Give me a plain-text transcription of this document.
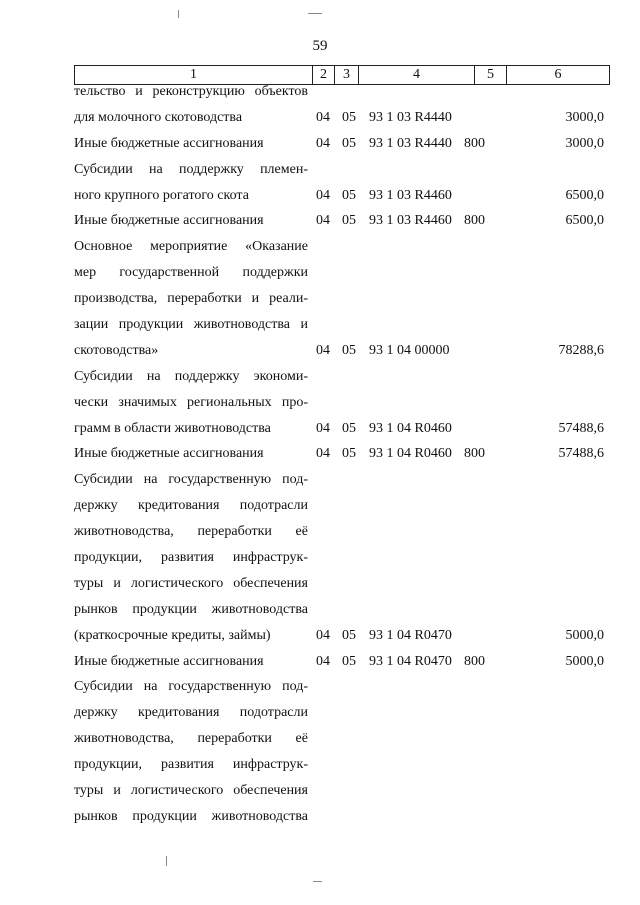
59
1	2	3	4	5	6
тельство и реконструкцию объектов
для молочного скотоводства	04 05 93 1 03 R4440	3000,0
Иные бюджетные ассигнования	04 05 93 1 03 R4440 800	3000,0
Субсидии на поддержку племен-
ного крупного рогатого скота	04 05 93 1 03 R4460	6500,0
Иные бюджетные ассигнования	04 05 93 1 03 R4460 800	6500,0
Основное мероприятие «Оказание
мер государственной поддержки
производства, переработки и реали-
зации продукции животноводства и
скотоводства»	04 05 93 1 04 00000	78288,6
Субсидии на поддержку экономи-
чески значимых региональных про-
грамм в области животноводства	04 05 93 1 04 R0460	57488,6
Иные бюджетные ассигнования	04 05 93 1 04 R0460 800	57488,6
Субсидии на государственную под-
держку кредитования подотрасли
животноводства, переработки её
продукции, развития инфраструк-
туры и логистического обеспечения
рынков продукции животноводства
(краткосрочные кредиты, займы)	04 05 93 1 04 R0470	5000,0
Иные бюджетные ассигнования	04 05 93 1 04 R0470 800	5000,0
Субсидии на государственную под-
держку кредитования подотрасли
животноводства, переработки её
продукции, развития инфраструк-
туры и логистического обеспечения
рынков продукции животноводства
